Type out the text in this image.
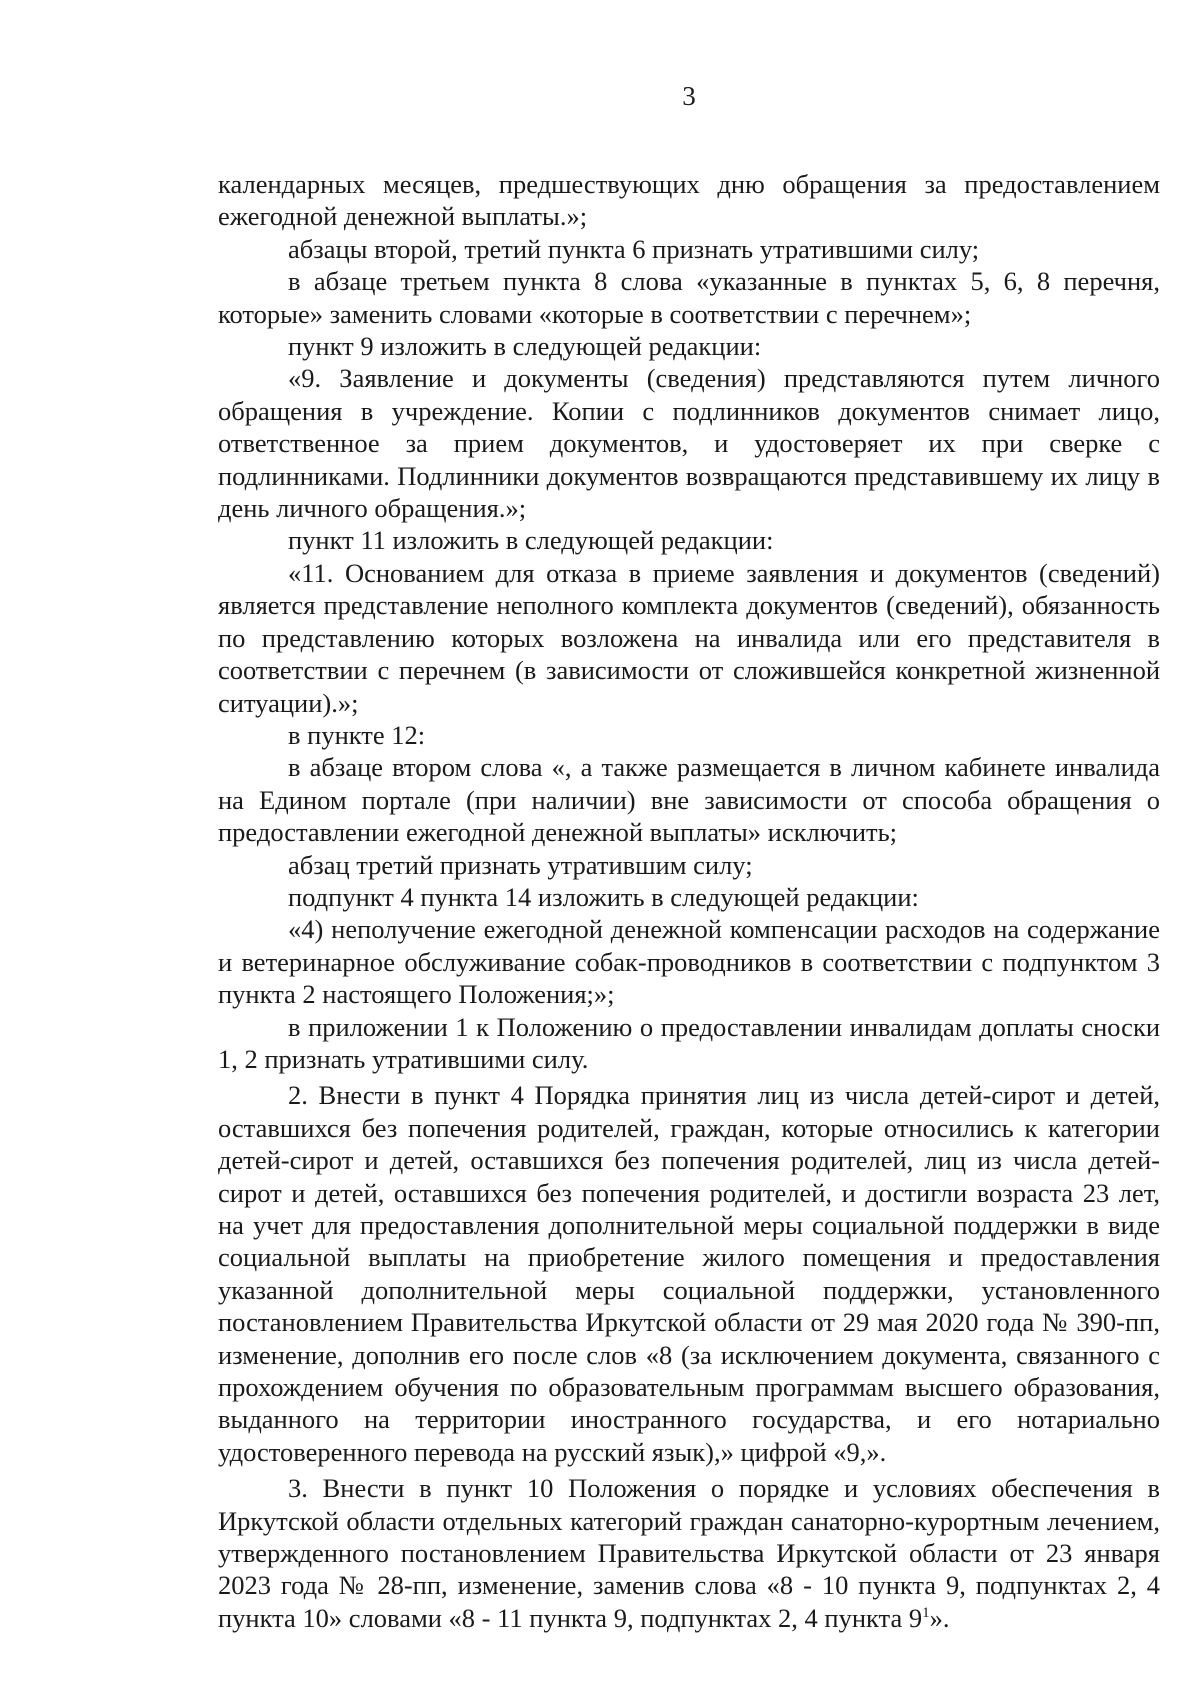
3

календарных месяцев, предшествующих дню обращения за предоставлением ежегодной денежной выплаты.»;

абзацы второй, третий пункта 6 признать утратившими силу;

в абзаце третьем пункта 8 слова «указанные в пунктах 5, 6, 8 перечня, которые» заменить словами «которые в соответствии с перечнем»;

пункт 9 изложить в следующей редакции:

«9. Заявление и документы (сведения) представляются путем личного обращения в учреждение. Копии с подлинников документов снимает лицо, ответственное за прием документов, и удостоверяет их при сверке с подлинниками. Подлинники документов возвращаются представившему их лицу в день личного обращения.»;

пункт 11 изложить в следующей редакции:

«11. Основанием для отказа в приеме заявления и документов (сведений) является представление неполного комплекта документов (сведений), обязанность по представлению которых возложена на инвалида или его представителя в соответствии с перечнем (в зависимости от сложившейся конкретной жизненной ситуации).»;

в пункте 12:

в абзаце втором слова «, а также размещается в личном кабинете инвалида на Едином портале (при наличии) вне зависимости от способа обращения о предоставлении ежегодной денежной выплаты» исключить;

абзац третий признать утратившим силу;

подпункт 4 пункта 14 изложить в следующей редакции:

«4) неполучение ежегодной денежной компенсации расходов на содержание и ветеринарное обслуживание собак-проводников в соответствии с подпунктом 3 пункта 2 настоящего Положения;»;

в приложении 1 к Положению о предоставлении инвалидам доплаты сноски 1, 2 признать утратившими силу.

2. Внести в пункт 4 Порядка принятия лиц из числа детей-сирот и детей, оставшихся без попечения родителей, граждан, которые относились к категории детей-сирот и детей, оставшихся без попечения родителей, лиц из числа детей-сирот и детей, оставшихся без попечения родителей, и достигли возраста 23 лет, на учет для предоставления дополнительной меры социальной поддержки в виде социальной выплаты на приобретение жилого помещения и предоставления указанной дополнительной меры социальной поддержки, установленного постановлением Правительства Иркутской области от 29 мая 2020 года № 390-пп, изменение, дополнив его после слов «8 (за исключением документа, связанного с прохождением обучения по образовательным программам высшего образования, выданного на территории иностранного государства, и его нотариально удостоверенного перевода на русский язык),» цифрой «9,».

3. Внести в пункт 10 Положения о порядке и условиях обеспечения в Иркутской области отдельных категорий граждан санаторно-курортным лечением, утвержденного постановлением Правительства Иркутской области от 23 января 2023 года № 28-пп, изменение, заменив слова «8 - 10 пункта 9, подпунктах 2, 4 пункта 10» словами «8 - 11 пункта 9, подпунктах 2, 4 пункта $9^1$».
